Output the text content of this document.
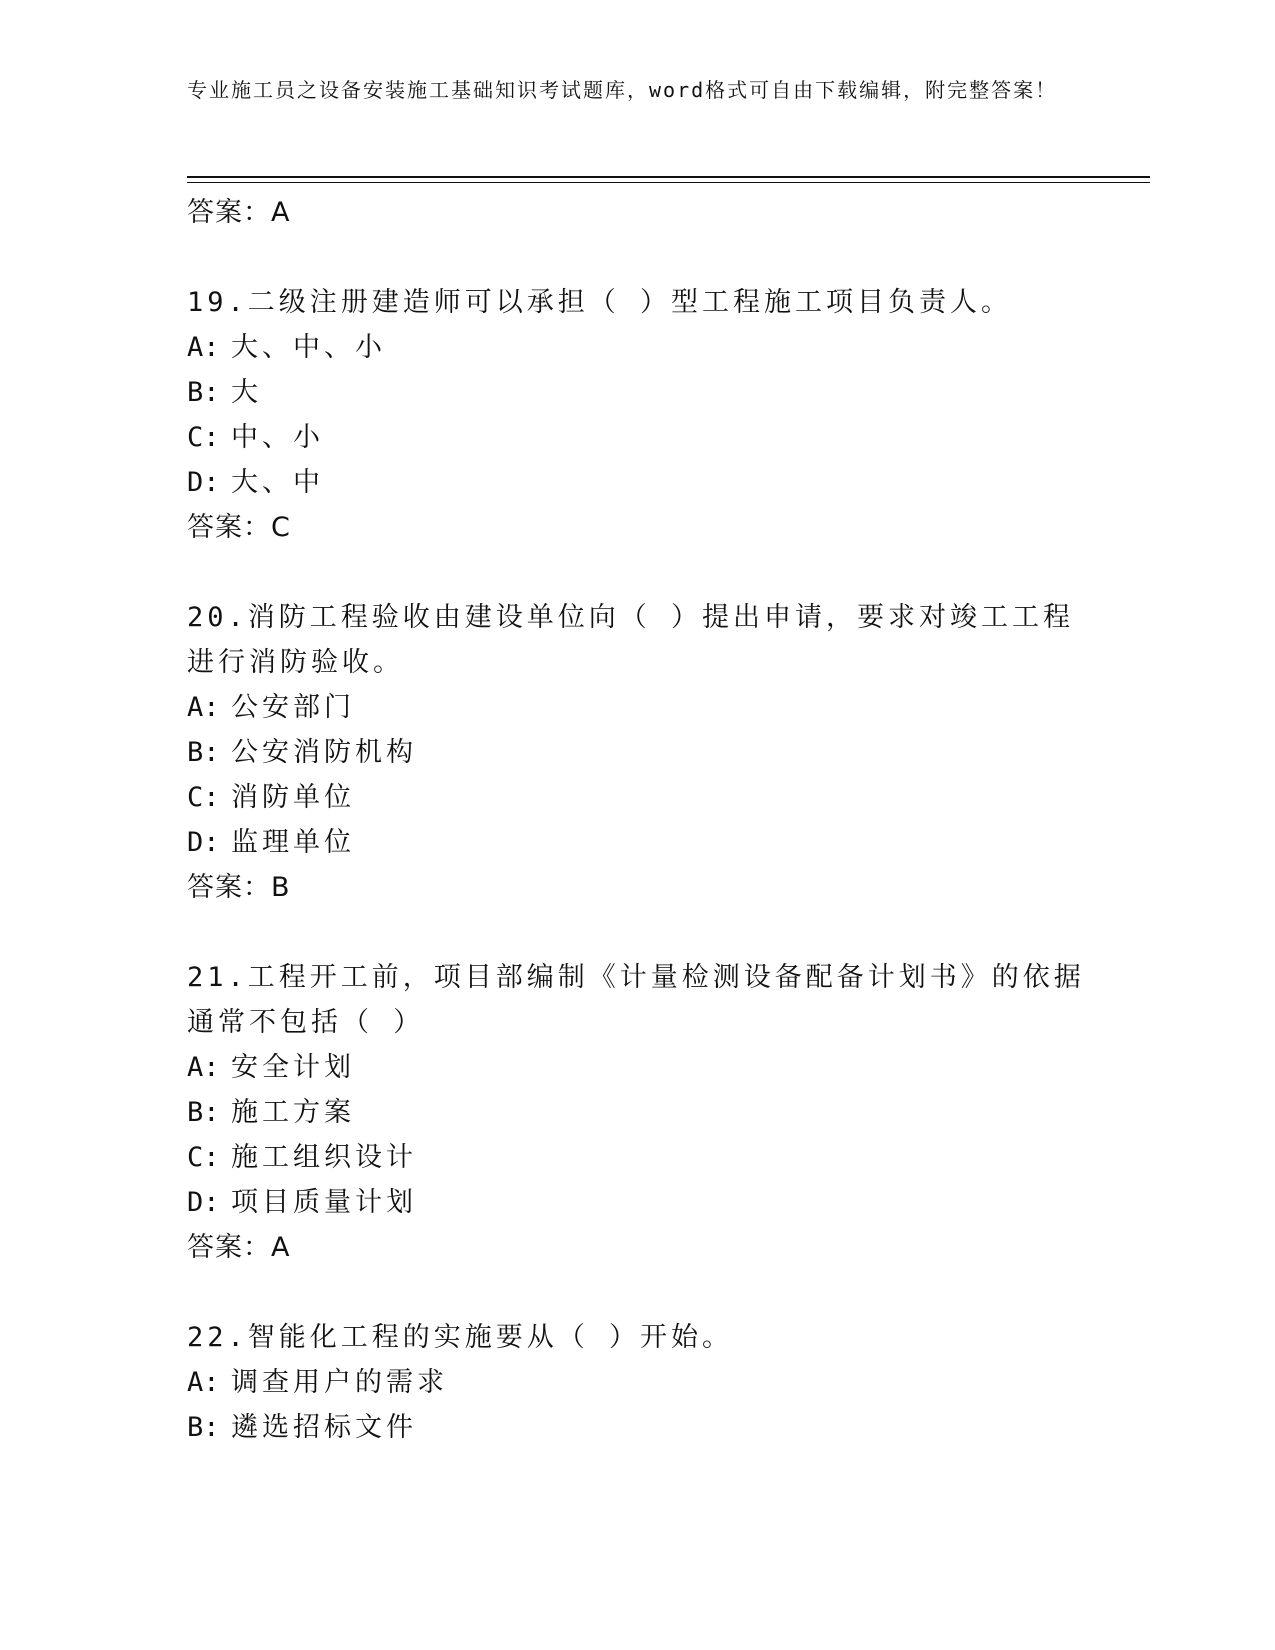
专业施工员之设备安装施工基础知识考试题库，word格式可自由下载编辑，附完整答案！

答案：A

19.二级注册建造师可以承担（ ）型工程施工项目负责人。

A: 大、中、小

B: 大

C: 中、小

D: 大、中

答案：C

20.消防工程验收由建设单位向（ ）提出申请，要求对竣工工程进行消防验收。

A: 公安部门

B: 公安消防机构

C: 消防单位

D: 监理单位

答案：B

21.工程开工前，项目部编制《计量检测设备配备计划书》的依据通常不包括（ ）

A: 安全计划

B: 施工方案

C: 施工组织设计

D: 项目质量计划

答案：A

22.智能化工程的实施要从（ ）开始。

A: 调查用户的需求

B: 遴选招标文件
